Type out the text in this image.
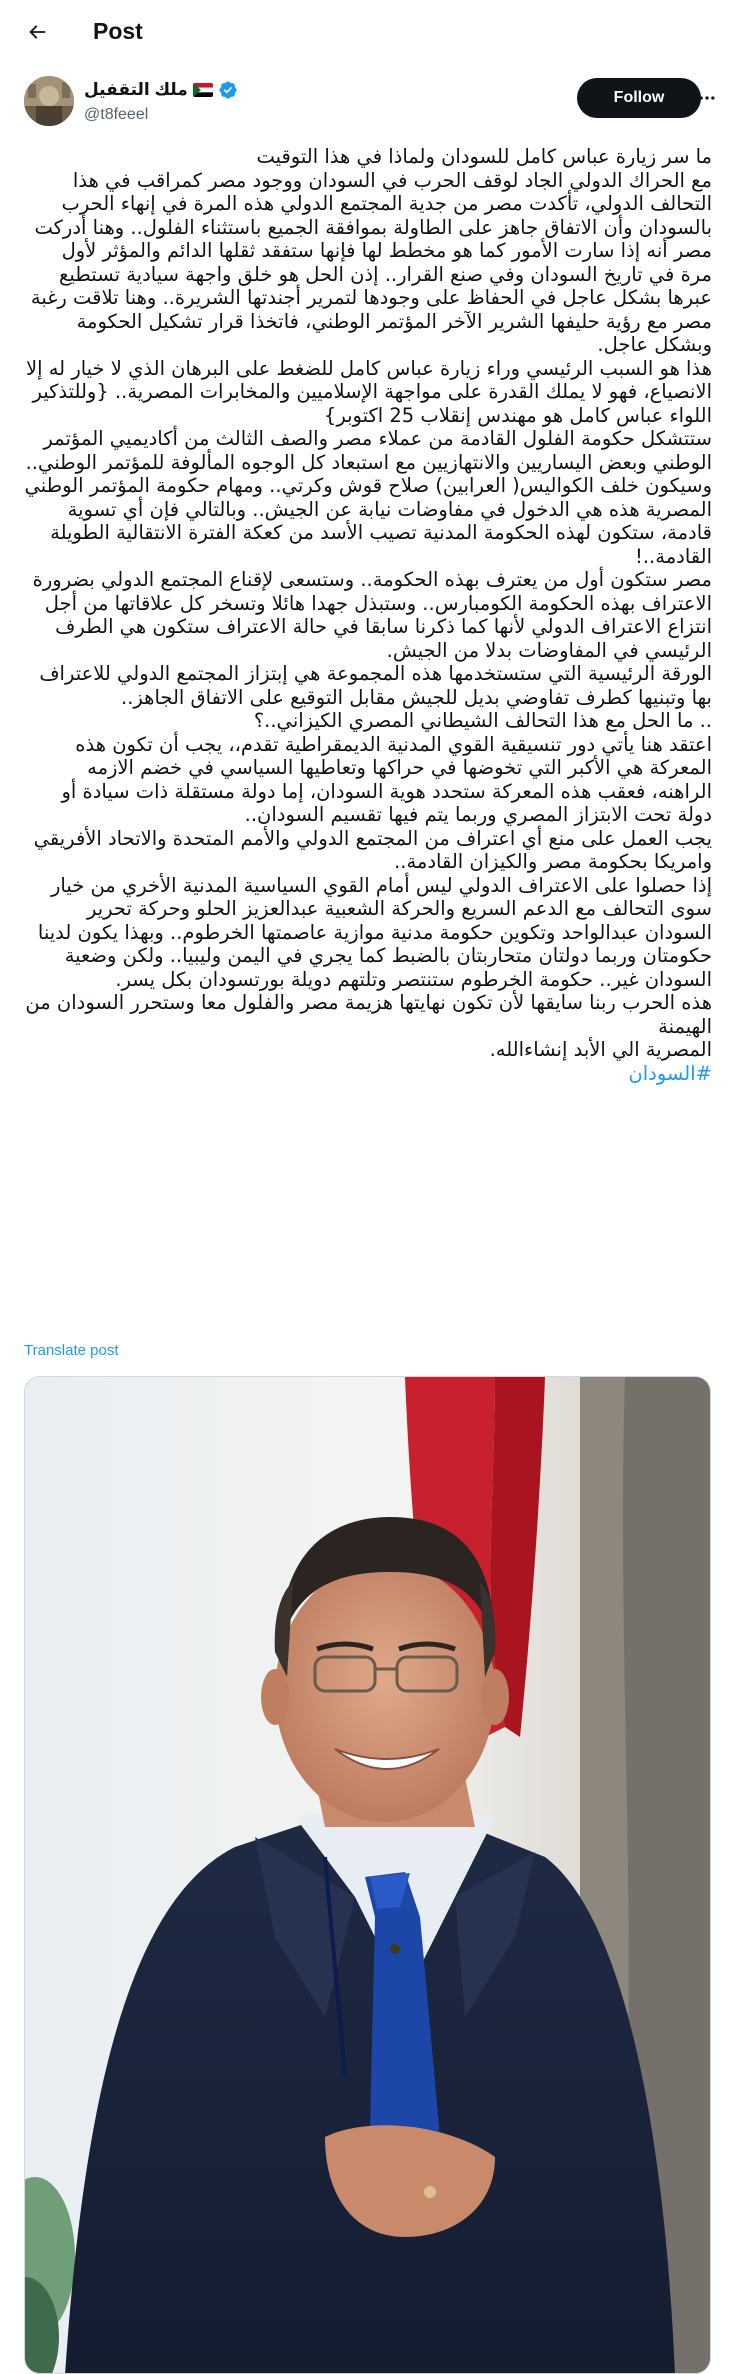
Post
ملك التقفيل
@t8feeel
Follow

ما سر زيارة عباس كامل للسودان ولماذا في هذا التوقيت
مع الحراك الدولي الجاد لوقف الحرب في السودان ووجود مصر كمراقب في هذا التحالف الدولي، تأكدت مصر من جدية المجتمع الدولي هذه المرة في إنهاء الحرب بالسودان وأن الاتفاق جاهز على الطاولة بموافقة الجميع باستثناء الفلول.. وهنا أدركت مصر أنه إذا سارت الأمور كما هو مخطط لها فإنها ستفقد ثقلها الدائم والمؤثر لأول مرة في تاريخ السودان وفي صنع القرار.. إذن الحل هو خلق واجهة سيادية تستطيع عبرها بشكل عاجل في الحفاظ على وجودها لتمرير أجندتها الشريرة.. وهنا تلاقت رغبة مصر مع رؤية حليفها الشرير الآخر المؤتمر الوطني، فاتخذا قرار تشكيل الحكومة وبشكل عاجل.

هذا هو السبب الرئيسي وراء زيارة عباس كامل للضغط على البرهان الذي لا خيار له إلا الانصياع، فهو لا يملك القدرة على مواجهة الإسلاميين والمخابرات المصرية.. {وللتذكير اللواء عباس كامل هو مهندس إنقلاب 25 اكتوبر}

ستتشكل حكومة الفلول القادمة من عملاء مصر والصف الثالث من أكاديميي المؤتمر الوطني وبعض اليساريين والانتهازيين مع استبعاد كل الوجوه المألوفة للمؤتمر الوطني.. وسيكون خلف الكواليس( العرابين) صلاح قوش وكرتي.. ومهام حكومة المؤتمر الوطني المصرية هذه هي الدخول في مفاوضات نيابة عن الجيش.. وبالتالي فإن أي تسوية قادمة، ستكون لهذه الحكومة المدنية تصيب الأسد من كعكة الفترة الانتقالية الطويلة القادمة..!

مصر ستكون أول من يعترف بهذه الحكومة.. وستسعى لإقناع المجتمع الدولي بضرورة الاعتراف بهذه الحكومة الكومبارس.. وستبذل جهدا هائلا وتسخر كل علاقاتها من أجل انتزاع الاعتراف الدولي لأنها كما ذكرنا سابقا في حالة الاعتراف ستكون هي الطرف الرئيسي في المفاوضات بدلا من الجيش.

الورقة الرئيسية التي ستستخدمها هذه المجموعة هي إبتزاز المجتمع الدولي للاعتراف بها وتبنيها كطرف تفاوضي بديل للجيش مقابل التوقيع على الاتفاق الجاهز..

.. ما الحل مع هذا التحالف الشيطاني المصري الكيزاني..؟

اعتقد هنا يأتي دور تنسيقية القوي المدنية الديمقراطية تقدم،، يجب أن تكون هذه المعركة هي الأكبر التي تخوضها في حراكها وتعاطيها السياسي في خضم الازمه الراهنه، فعقب هذه المعركة ستحدد هوية السودان، إما دولة مستقلة ذات سيادة أو دولة تحت الابتزاز المصري وربما يتم فيها تقسيم السودان..

يجب العمل على منع أي اعتراف من المجتمع الدولي والأمم المتحدة والاتحاد الأفريقي وامريكا بحكومة مصر والكيزان القادمة..

إذا حصلوا على الاعتراف الدولي ليس أمام القوي السياسية المدنية الأخري من خيار سوى التحالف مع الدعم السريع والحركة الشعبية عبدالعزيز الحلو وحركة تحرير السودان عبدالواحد وتكوين حكومة مدنية موازية عاصمتها الخرطوم.. وبهذا يكون لدينا حكومتان وربما دولتان متحاربتان بالضبط كما يجري في اليمن وليبيا.. ولكن وضعية السودان غير.. حكومة الخرطوم ستنتصر وتلتهم دويلة بورتسودان بكل يسر.

هذه الحرب ربنا سايقها لأن تكون نهايتها هزيمة مصر والفلول معا وستحرر السودان من الهيمنة
المصرية الي الأبد إنشاءالله.

#السودان
Translate post
